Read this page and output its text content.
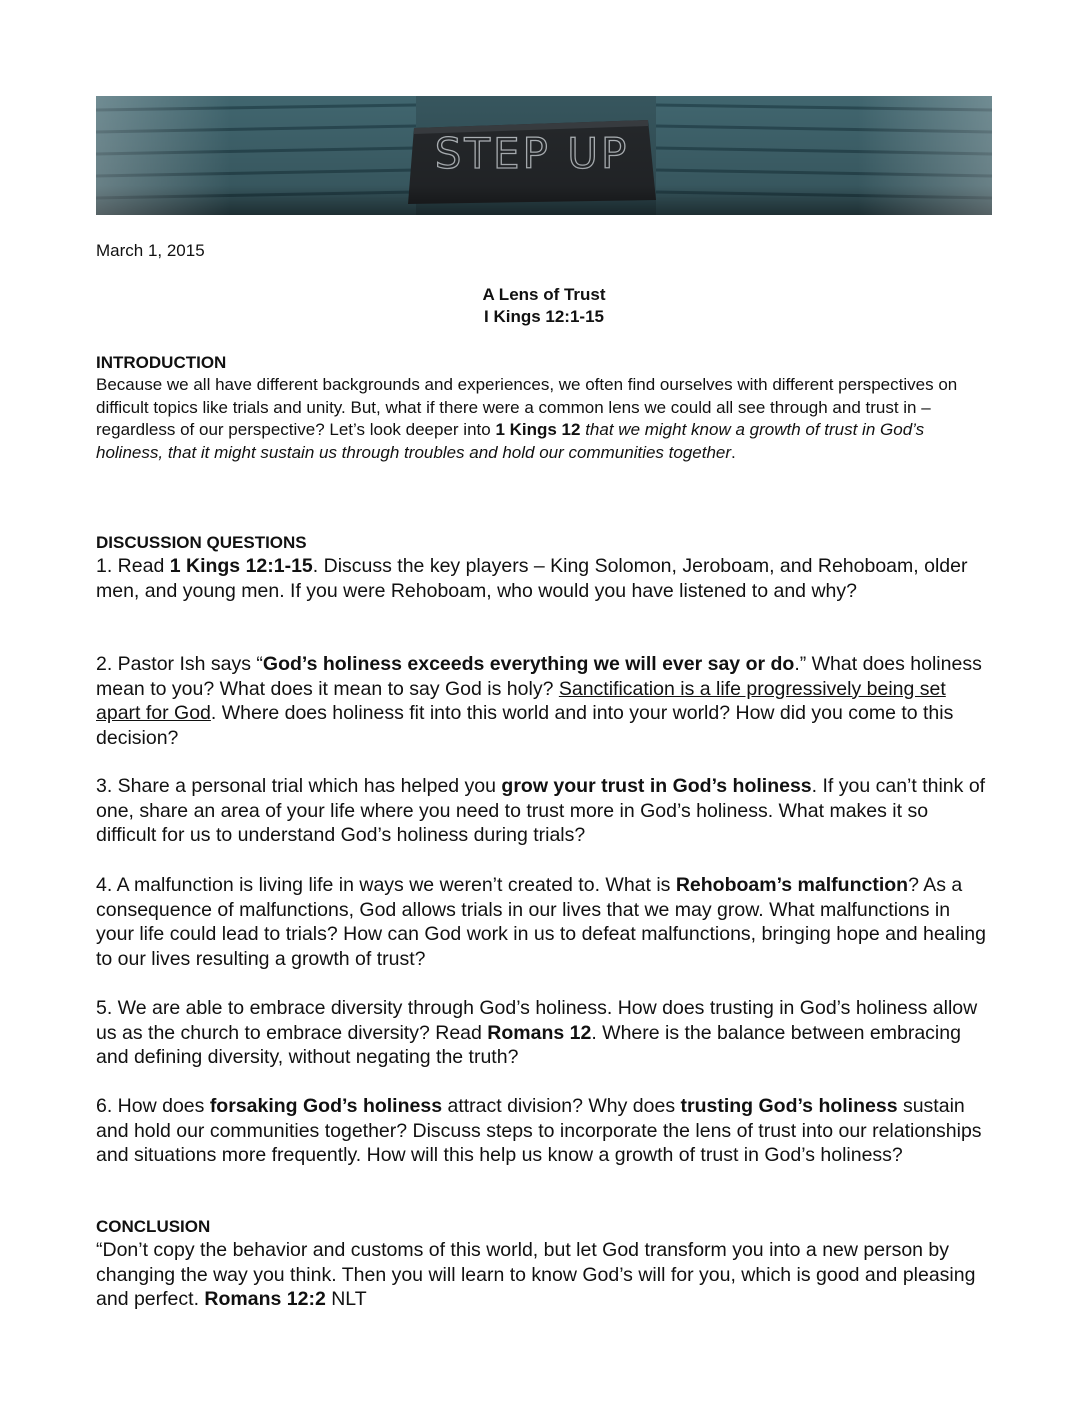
March 1, 2015
A Lens of Trust
I Kings 12:1-15
INTRODUCTION
Because we all have different backgrounds and experiences, we often find ourselves with different perspectives on difficult topics like trials and unity. But, what if there were a common lens we could all see through and trust in – regardless of our perspective? Let’s look deeper into 1 Kings 12 that we might know a growth of trust in God’s holiness, that it might sustain us through troubles and hold our communities together.
DISCUSSION QUESTIONS

1. Read 1 Kings 12:1-15. Discuss the key players – King Solomon, Jeroboam, and Rehoboam, older men, and young men. If you were Rehoboam, who would you have listened to and why?

2. Pastor Ish says “God’s holiness exceeds everything we will ever say or do.” What does holiness mean to you? What does it mean to say God is holy? Sanctification is a life progressively being set apart for God. Where does holiness fit into this world and into your world? How did you come to this decision?

3. Share a personal trial which has helped you grow your trust in God’s holiness. If you can’t think of one, share an area of your life where you need to trust more in God’s holiness. What makes it so difficult for us to understand God’s holiness during trials?

4. A malfunction is living life in ways we weren’t created to. What is Rehoboam’s malfunction? As a consequence of malfunctions, God allows trials in our lives that we may grow. What malfunctions in your life could lead to trials? How can God work in us to defeat malfunctions, bringing hope and healing to our lives resulting a growth of trust?

5. We are able to embrace diversity through God’s holiness. How does trusting in God’s holiness allow us as the church to embrace diversity? Read Romans 12. Where is the balance between embracing and defining diversity, without negating the truth?

6. How does forsaking God’s holiness attract division? Why does trusting God’s holiness sustain and hold our communities together? Discuss steps to incorporate the lens of trust into our relationships and situations more frequently. How will this help us know a growth of trust in God’s holiness?

CONCLUSION
“Don’t copy the behavior and customs of this world, but let God transform you into a new person by changing the way you think. Then you will learn to know God’s will for you, which is good and pleasing and perfect. Romans 12:2 NLT
